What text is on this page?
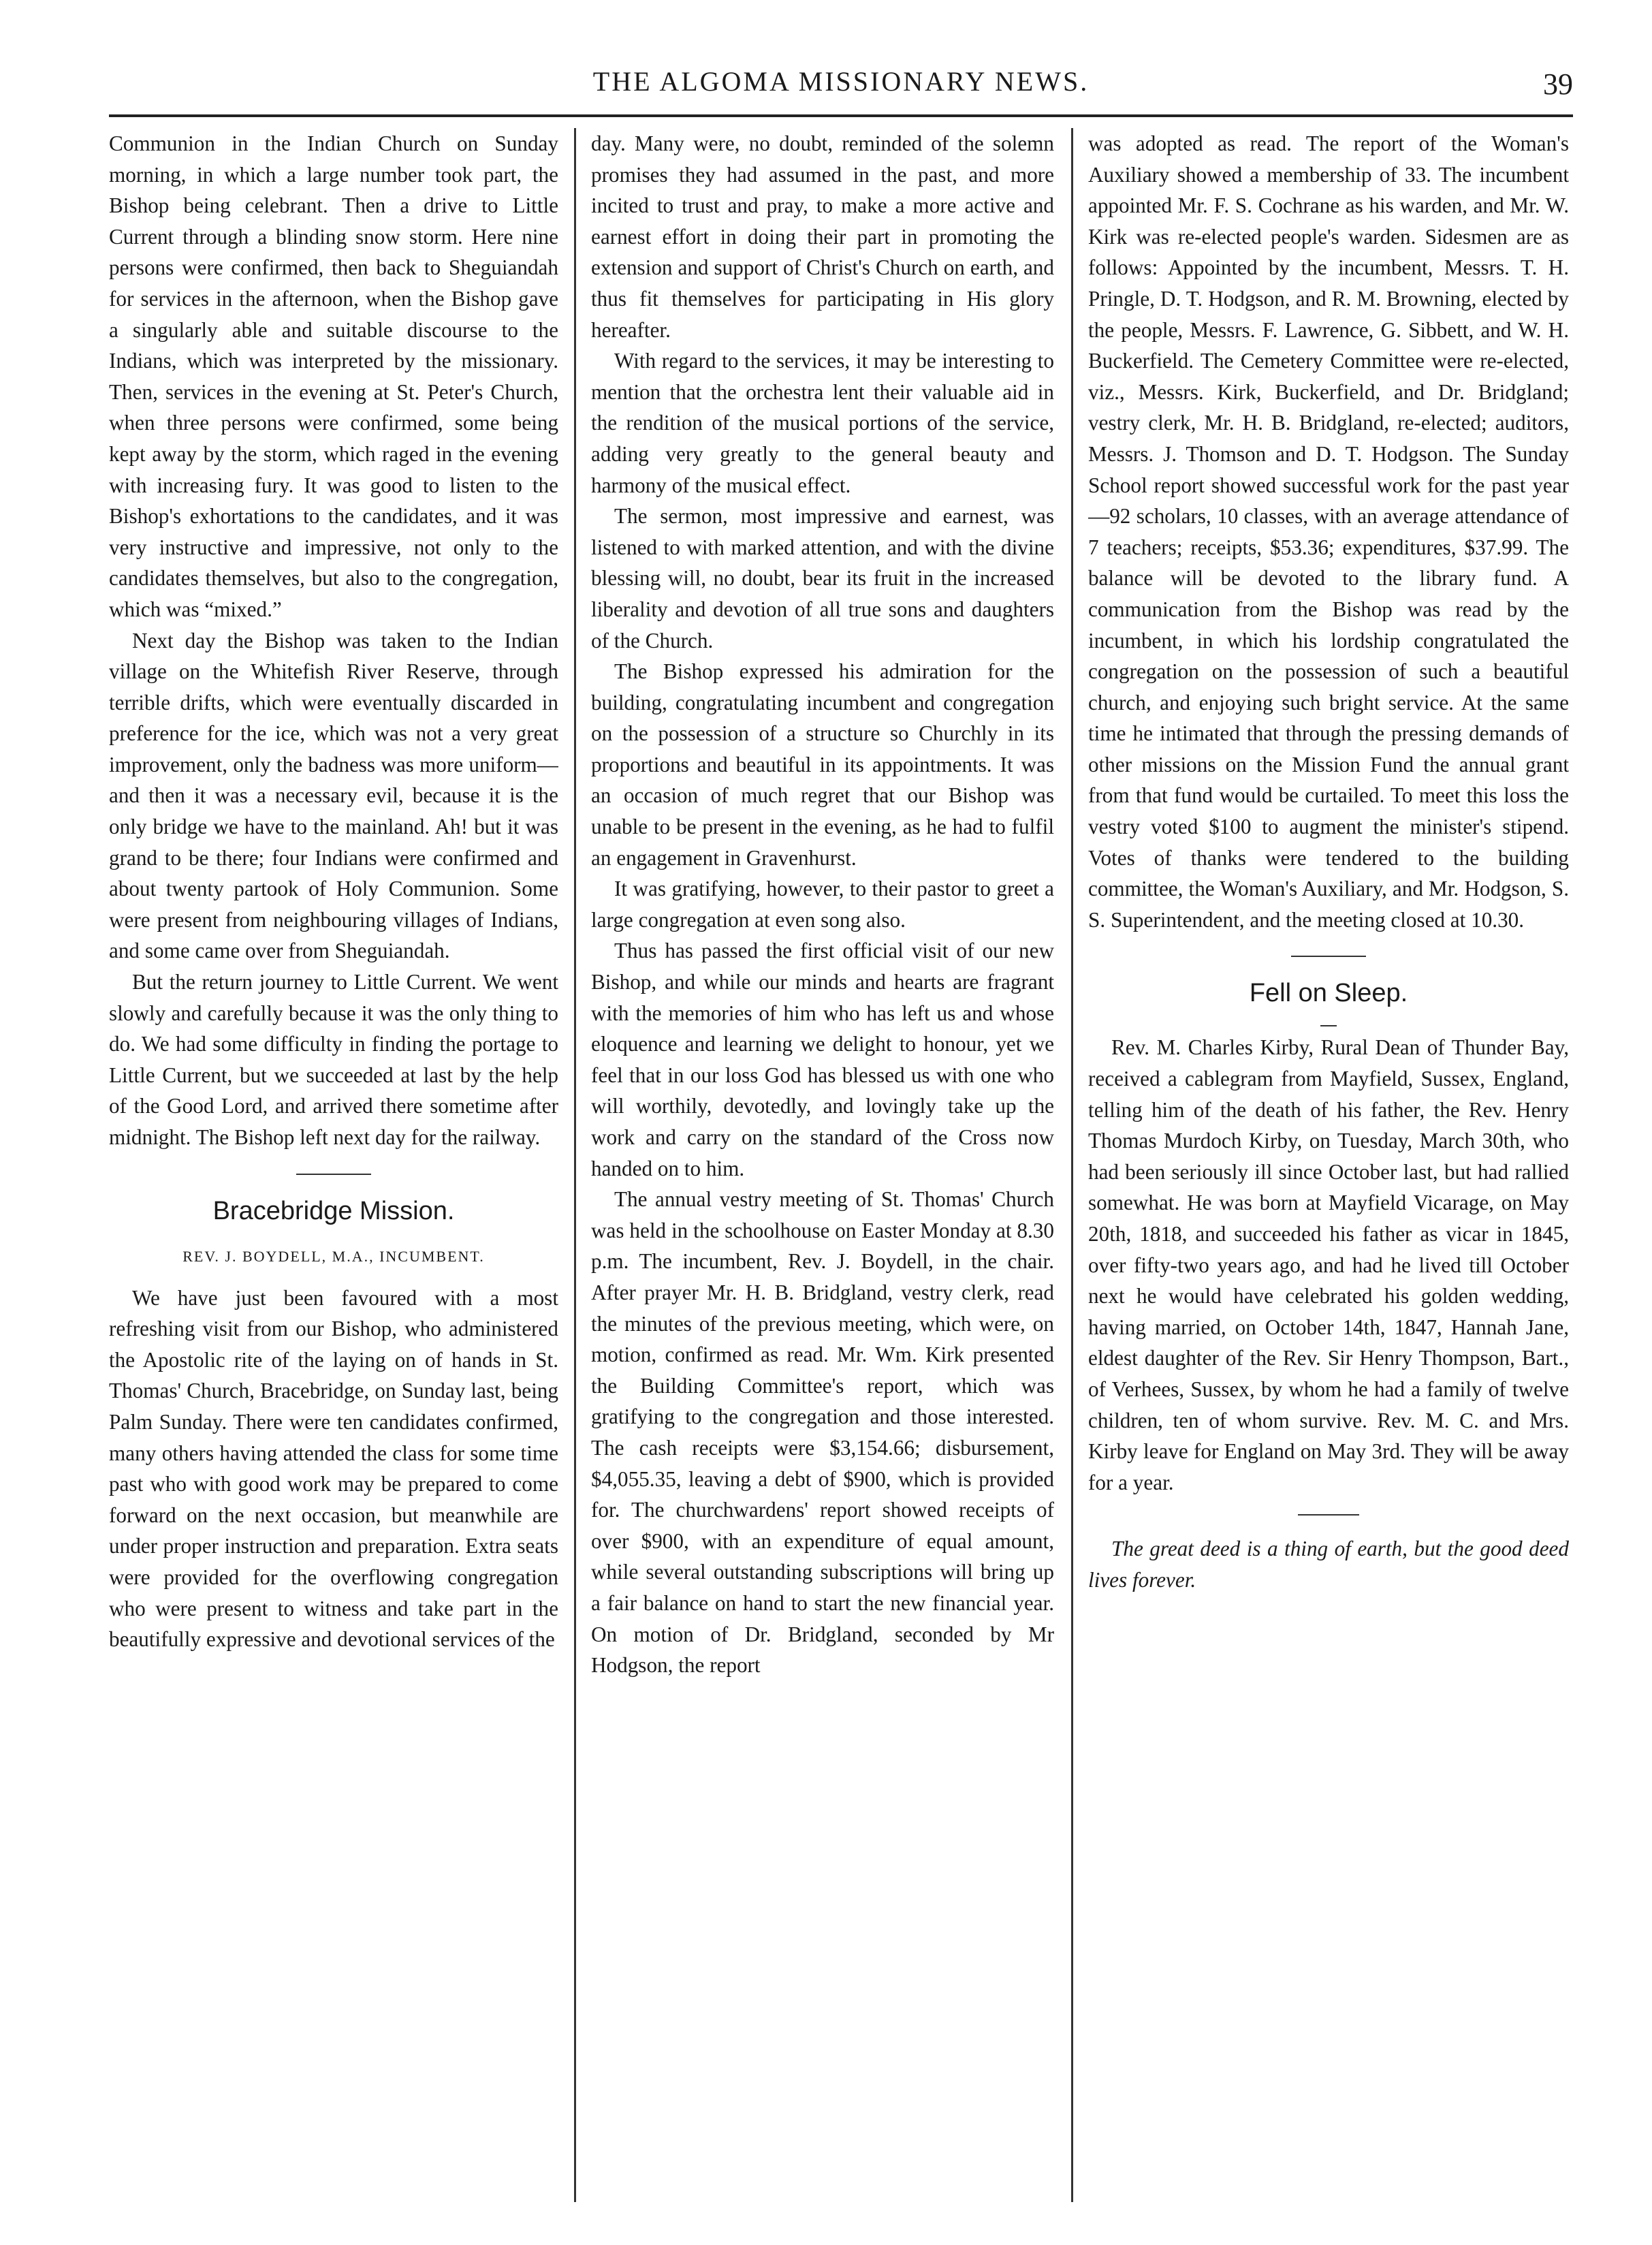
THE ALGOMA MISSIONARY NEWS.	39

Communion in the Indian Church on Sunday morning, in which a large number took part, the Bishop being celebrant. Then a drive to Little Current through a blinding snow storm. Here nine persons were confirmed, then back to Sheguiandah for services in the afternoon, when the Bishop gave a singularly able and suitable discourse to the Indians, which was interpreted by the missionary. Then, services in the evening at St. Peter's Church, when three persons were confirmed, some being kept away by the storm, which raged in the evening with increasing fury. It was good to listen to the Bishop's exhortations to the candidates, and it was very instructive and impressive, not only to the candidates themselves, but also to the congregation, which was “mixed.”

Next day the Bishop was taken to the Indian village on the Whitefish River Reserve, through terrible drifts, which were eventually discarded in preference for the ice, which was not a very great improvement, only the badness was more uniform—and then it was a necessary evil, because it is the only bridge we have to the mainland. Ah! but it was grand to be there; four Indians were confirmed and about twenty partook of Holy Communion. Some were present from neighbouring villages of Indians, and some came over from Sheguiandah.

But the return journey to Little Current. We went slowly and carefully because it was the only thing to do. We had some difficulty in finding the portage to Little Current, but we succeeded at last by the help of the Good Lord, and arrived there sometime after midnight. The Bishop left next day for the railway.

Bracebridge Mission.
REV. J. BOYDELL, M.A., INCUMBENT.

We have just been favoured with a most refreshing visit from our Bishop, who administered the Apostolic rite of the laying on of hands in St. Thomas' Church, Bracebridge, on Sunday last, being Palm Sunday. There were ten candidates confirmed, many others having attended the class for some time past who with good work may be prepared to come forward on the next occasion, but meanwhile are under proper instruction and preparation. Extra seats were provided for the overflowing congregation who were present to witness and take part in the beautifully expressive and devotional services of the

day. Many were, no doubt, reminded of the solemn promises they had assumed in the past, and more incited to trust and pray, to make a more active and earnest effort in doing their part in promoting the extension and support of Christ's Church on earth, and thus fit themselves for participating in His glory hereafter.

With regard to the services, it may be interesting to mention that the orchestra lent their valuable aid in the rendition of the musical portions of the service, adding very greatly to the general beauty and harmony of the musical effect.

The sermon, most impressive and earnest, was listened to with marked attention, and with the divine blessing will, no doubt, bear its fruit in the increased liberality and devotion of all true sons and daughters of the Church.

The Bishop expressed his admiration for the building, congratulating incumbent and congregation on the possession of a structure so Churchly in its proportions and beautiful in its appointments. It was an occasion of much regret that our Bishop was unable to be present in the evening, as he had to fulfil an engagement in Gravenhurst.

It was gratifying, however, to their pastor to greet a large congregation at even song also.

Thus has passed the first official visit of our new Bishop, and while our minds and hearts are fragrant with the memories of him who has left us and whose eloquence and learning we delight to honour, yet we feel that in our loss God has blessed us with one who will worthily, devotedly, and lovingly take up the work and carry on the standard of the Cross now handed on to him.

The annual vestry meeting of St. Thomas' Church was held in the schoolhouse on Easter Monday at 8.30 p.m. The incumbent, Rev. J. Boydell, in the chair. After prayer Mr. H. B. Bridgland, vestry clerk, read the minutes of the previous meeting, which were, on motion, confirmed as read. Mr. Wm. Kirk presented the Building Committee's report, which was gratifying to the congregation and those interested. The cash receipts were $3,154.66; disbursement, $4,055.35, leaving a debt of $900, which is provided for. The churchwardens' report showed receipts of over $900, with an expenditure of equal amount, while several outstanding subscriptions will bring up a fair balance on hand to start the new financial year. On motion of Dr. Bridgland, seconded by Mr Hodgson, the report

was adopted as read. The report of the Woman's Auxiliary showed a membership of 33. The incumbent appointed Mr. F. S. Cochrane as his warden, and Mr. W. Kirk was re-elected people's warden. Sidesmen are as follows: Appointed by the incumbent, Messrs. T. H. Pringle, D. T. Hodgson, and R. M. Browning, elected by the people, Messrs. F. Lawrence, G. Sibbett, and W. H. Buckerfield. The Cemetery Committee were re-elected, viz., Messrs. Kirk, Buckerfield, and Dr. Bridgland; vestry clerk, Mr. H. B. Bridgland, re-elected; auditors, Messrs. J. Thomson and D. T. Hodgson. The Sunday School report showed successful work for the past year—92 scholars, 10 classes, with an average attendance of 7 teachers; receipts, $53.36; expenditures, $37.99. The balance will be devoted to the library fund. A communication from the Bishop was read by the incumbent, in which his lordship congratulated the congregation on the possession of such a beautiful church, and enjoying such bright service. At the same time he intimated that through the pressing demands of other missions on the Mission Fund the annual grant from that fund would be curtailed. To meet this loss the vestry voted $100 to augment the minister's stipend. Votes of thanks were tendered to the building committee, the Woman's Auxiliary, and Mr. Hodgson, S. S. Superintendent, and the meeting closed at 10.30.

Fell on Sleep.

Rev. M. Charles Kirby, Rural Dean of Thunder Bay, received a cablegram from Mayfield, Sussex, England, telling him of the death of his father, the Rev. Henry Thomas Murdoch Kirby, on Tuesday, March 30th, who had been seriously ill since October last, but had rallied somewhat. He was born at Mayfield Vicarage, on May 20th, 1818, and succeeded his father as vicar in 1845, over fifty-two years ago, and had he lived till October next he would have celebrated his golden wedding, having married, on October 14th, 1847, Hannah Jane, eldest daughter of the Rev. Sir Henry Thompson, Bart., of Verhees, Sussex, by whom he had a family of twelve children, ten of whom survive. Rev. M. C. and Mrs. Kirby leave for England on May 3rd. They will be away for a year.

The great deed is a thing of earth, but the good deed lives forever.
